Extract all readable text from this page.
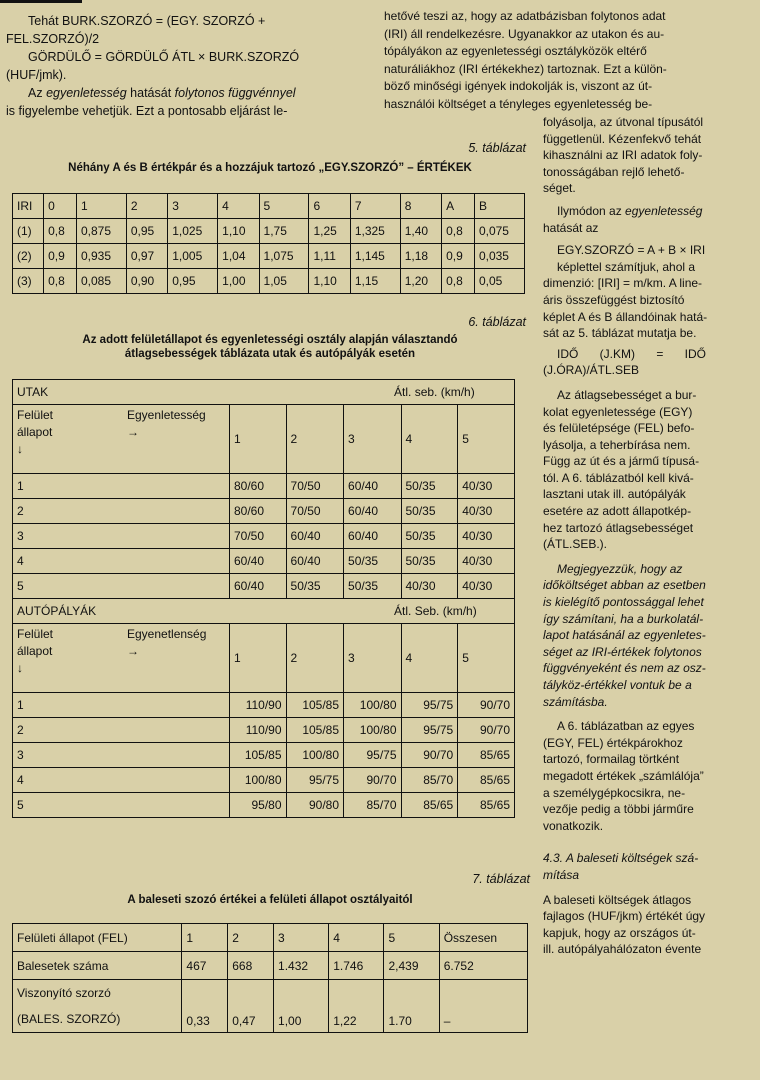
Tehát BURK.SZORZÓ = (EGY. SZORZÓ +

FEL.SZORZÓ)/2

GÖRDÜLŐ = GÖRDÜLŐ ÁTL × BURK.SZORZÓ

(HUF/jmk).

Az egyenletesség hatását folytonos függvénnyel

is figyelembe vehetjük. Ezt a pontosabb eljárást le-

hetővé teszi az, hogy az adatbázisban folytonos adat
(IRI) áll rendelkezésre. Ugyanakkor az utakon és au-
tópályákon az egyenletességi osztályközök eltérő
naturáliákhoz (IRI értékekhez) tartoznak. Ezt a külön-
böző minőségi igények indokolják is, viszont az út-
használói költséget a tényleges egyenletesség be-
5. táblázat
Néhány A és B értékpár és a hozzájuk tartozó „EGY.SZORZÓ” – ÉRTÉKEK
IRI	0	1	2	3	4	5	6	7	8	A	B
(1)	0,8	0,875	0,95	1,025	1,10	1,75	1,25	1,325	1,40	0,8	0,075
(2)	0,9	0,935	0,97	1,005	1,04	1,075	1,11	1,145	1,18	0,9	0,035
(3)	0,8	0,085	0,90	0,95	1,00	1,05	1,10	1,15	1,20	0,8	0,05
6. táblázat
Az adott felületállapot és egyenletességi osztály alapján választandó
átlagsebességek táblázata utak és autópályák esetén
UTAK		Átl. seb. (km/h)			

Felület Egyenletesség
állapot →
↓	1	2	3	4	5
1	80/60	70/50	60/40	50/35	40/30
2	80/60	70/50	60/40	50/35	40/30
3	70/50	60/40	60/40	50/35	40/30
4	60/40	60/40	50/35	50/35	40/30
5	60/40	50/35	50/35	40/30	40/30
AUTÓPÁLYÁK		Átl. Seb. (km/h)			

Felület Egyenetlenség
állapot →
↓	1	2	3	4	5
1	110/90	105/85	100/80	95/75	90/70
2	110/90	105/85	100/80	95/75	90/70
3	105/85	100/80	95/75	90/70	85/65
4	100/80	95/75	90/70	85/70	85/65
5	95/80	90/80	85/70	85/65	85/65
7. táblázat
A baleseti szozó értékei a felületi állapot osztályaitól
Felületi állapot (FEL)	1	2	3	4	5	Összesen
Balesetek száma	467	668	1.432	1.746	2,439	6.752

Viszonyító szorzó
(BALES. SZORZÓ)	0,33	0,47	1,00	1,22	1.70	–
folyásolja, az útvonal típusától
függetlenül. Kézenfekvő tehát
kihasználni az IRI adatok foly-
tonosságában rejlő lehető-
séget.
Ilymódon az egyenletesség
hatását az
EGY.SZORZÓ = A + B × IRI
képlettel számítjuk, ahol a
dimenzió: [IRI] = m/km. A line-
áris összefüggést biztosító
képlet A és B állandóinak hatá-
sát az 5. táblázat mutatja be.
IDŐ (J.KM) = IDŐ
(J.ÓRA)/ÁTL.SEB
Az átlagsebességet a bur-
kolat egyenletessége (EGY)
és felületépsége (FEL) befo-
lyásolja, a teherbírása nem.
Függ az út és a jármű típusá-
tól. A 6. táblázatból kell kivá-
lasztani utak ill. autópályák
esetére az adott állapotkép-
hez tartozó átlagsebességet
(ÁTL.SEB.).
Megjegyezzük, hogy az
időköltséget abban az esetben
is kielégítő pontossággal lehet
így számítani, ha a burkolatál-
lapot hatásánál az egyenletes-
séget az IRI-értékek folytonos
függvényeként és nem az osz-
tályköz-értékkel vontuk be a
számításba.
A 6. táblázatban az egyes
(EGY, FEL) értékpárokhoz
tartozó, formailag törtként
megadott értékek „számlálója”
a személygépkocsikra, ne-
vezője pedig a többi járműre
vonatkozik.
4.3. A baleseti költségek szá-
mítása
A baleseti költségek átlagos
fajlagos (HUF/jkm) értékét úgy
kapjuk, hogy az országos út-
ill. autópályahálózaton évente
